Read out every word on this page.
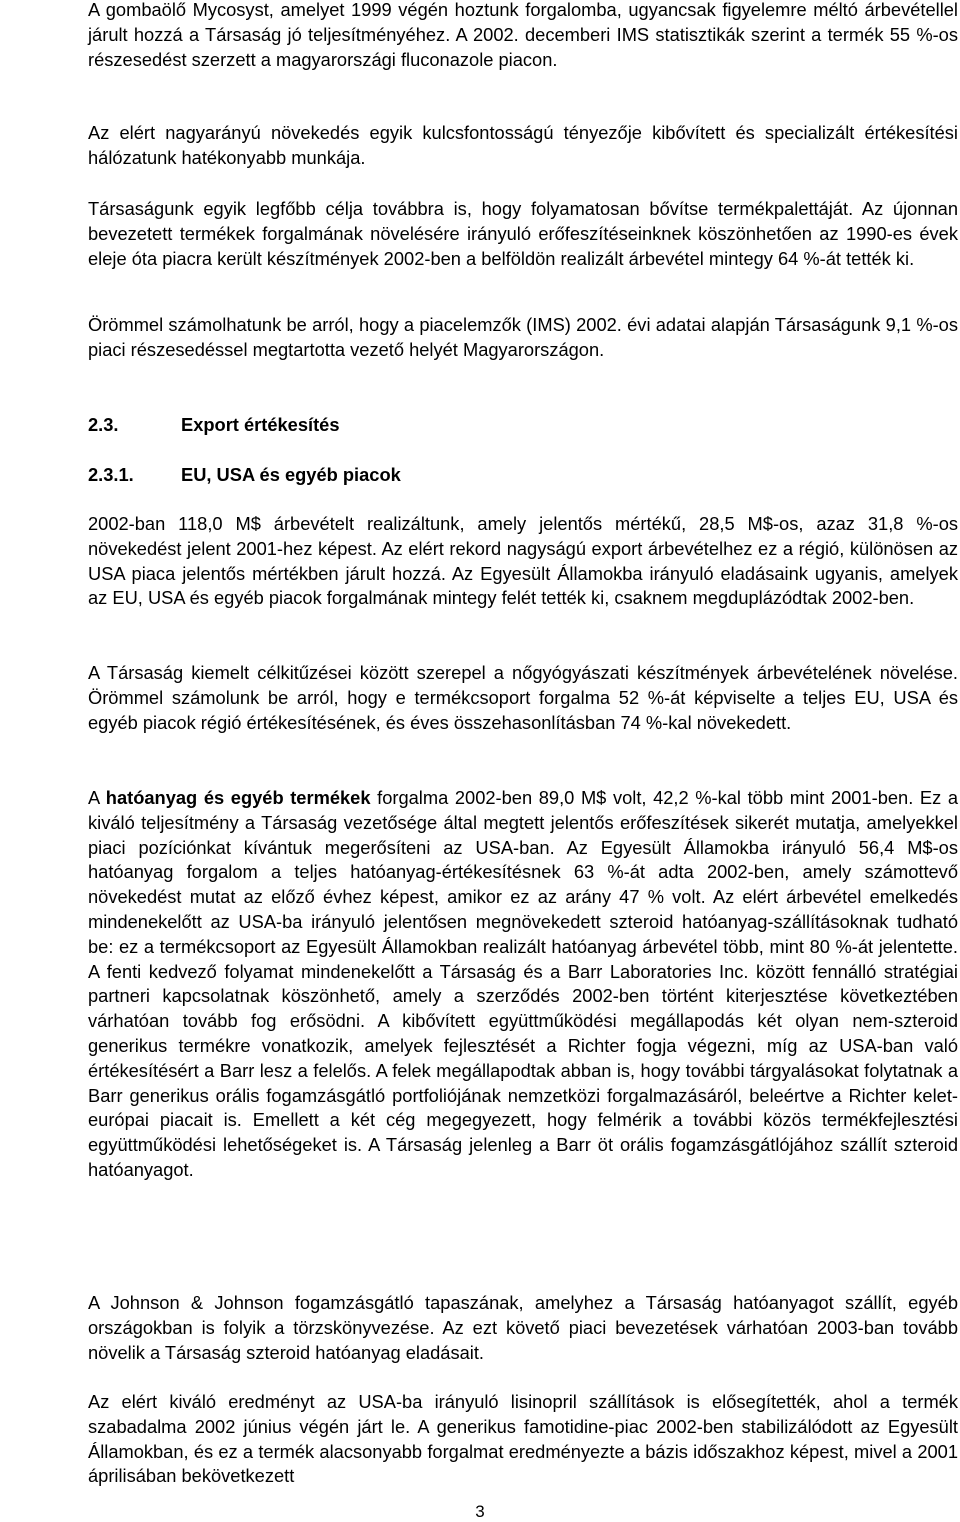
A gombaölő Mycosyst, amelyet 1999 végén hoztunk forgalomba, ugyancsak figyelemre méltó árbevétellel járult hozzá a Társaság jó teljesítményéhez. A 2002. decemberi IMS statisztikák szerint a termék 55 %-os részesedést szerzett a magyarországi fluconazole piacon.

Az elért nagyarányú növekedés egyik kulcsfontosságú tényezője kibővített és specializált értékesítési hálózatunk hatékonyabb munkája.

Társaságunk egyik legfőbb célja továbbra is, hogy folyamatosan bővítse termékpalettáját. Az újonnan bevezetett termékek forgalmának növelésére irányuló erőfeszítéseinknek köszönhetően az 1990-es évek eleje óta piacra került készítmények 2002-ben a belföldön realizált árbevétel mintegy 64 %-át tették ki.

Örömmel számolhatunk be arról, hogy a piacelemzők (IMS) 2002. évi adatai alapján Társaságunk 9,1 %-os piaci részesedéssel megtartotta vezető helyét Magyarországon.

2.3.	Export értékesítés
2.3.1.	EU, USA és egyéb piacok

2002-ban 118,0 M$ árbevételt realizáltunk, amely jelentős mértékű, 28,5 M$-os, azaz 31,8 %-os növekedést jelent 2001-hez képest. Az elért rekord nagyságú export árbevételhez ez a régió, különösen az USA piaca jelentős mértékben járult hozzá. Az Egyesült Államokba irányuló eladásaink ugyanis, amelyek az EU, USA és egyéb piacok forgalmának mintegy felét tették ki, csaknem megduplázódtak 2002-ben.

A Társaság kiemelt célkitűzései között szerepel a nőgyógyászati készítmények árbevételének növelése. Örömmel számolunk be arról, hogy e termékcsoport forgalma 52 %-át képviselte a teljes EU, USA és egyéb piacok régió értékesítésének, és éves összehasonlításban 74 %-kal növekedett.

A hatóanyag és egyéb termékek forgalma 2002-ben 89,0 M$ volt, 42,2 %-kal több mint 2001-ben. Ez a kiváló teljesítmény a Társaság vezetősége által megtett jelentős erőfeszítések sikerét mutatja, amelyekkel piaci pozíciónkat kívántuk megerősíteni az USA-ban. Az Egyesült Államokba irányuló 56,4 M$-os hatóanyag forgalom a teljes hatóanyag-értékesítésnek 63 %-át adta 2002-ben, amely számottevő növekedést mutat az előző évhez képest, amikor ez az arány 47 % volt. Az elért árbevétel emelkedés mindenekelőtt az USA-ba irányuló jelentősen megnövekedett szteroid hatóanyag-szállításoknak tudható be: ez a termékcsoport az Egyesült Államokban realizált hatóanyag árbevétel több, mint 80 %-át jelentette. A fenti kedvező folyamat mindenekelőtt a Társaság és a Barr Laboratories Inc. között fennálló stratégiai partneri kapcsolatnak köszönhető, amely a szerződés 2002-ben történt kiterjesztése következtében várhatóan tovább fog erősödni. A kibővített együttműködési megállapodás két olyan nem-szteroid generikus termékre vonatkozik, amelyek fejlesztését a Richter fogja végezni, míg az USA-ban való értékesítésért a Barr lesz a felelős. A felek megállapodtak abban is, hogy további tárgyalásokat folytatnak a Barr generikus orális fogamzásgátló portfoliójának nemzetközi forgalmazásáról, beleértve a Richter kelet-európai piacait is. Emellett a két cég megegyezett, hogy felmérik a további közös termékfejlesztési együttműködési lehetőségeket is. A Társaság jelenleg a Barr öt orális fogamzásgátlójához szállít szteroid hatóanyagot.

A Johnson & Johnson fogamzásgátló tapaszának, amelyhez a Társaság hatóanyagot szállít, egyéb országokban is folyik a törzskönyvezése. Az ezt követő piaci bevezetések várhatóan 2003-ban tovább növelik a Társaság szteroid hatóanyag eladásait.

Az elért kiváló eredményt az USA-ba irányuló lisinopril szállítások is elősegítették, ahol a termék szabadalma 2002 június végén járt le. A generikus famotidine-piac 2002-ben stabilizálódott az Egyesült Államokban, és ez a termék alacsonyabb forgalmat eredményezte a bázis időszakhoz képest, mivel a 2001 áprilisában bekövetkezett

3
